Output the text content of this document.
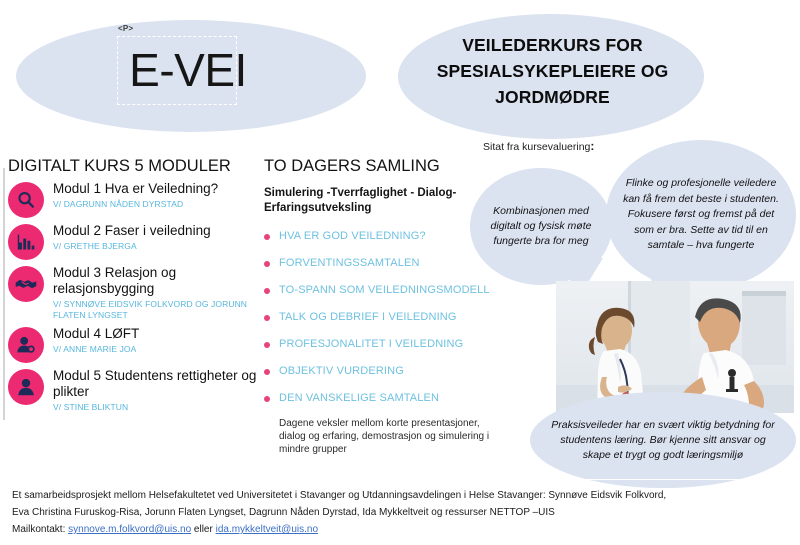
<P>
E-VEI	VEILEDERKURS FOR SPESIALSYKEPLEIERE OG JORDMØDRE
DIGITALT KURS 5 MODULER TO DAGERS SAMLING
Modul 1 Hva er Veiledning?
V/ DAGRUNN NÅDEN DYRSTAD
Modul 2 Faser i veiledning
V/ GRETHE BJERGA
Modul 3 Relasjon og relasjonsbygging
V/ SYNNØVE EIDSVIK FOLKVORD OG JORUNN FLATEN LYNGSET
Modul 4 LØFT
V/ ANNE MARIE JOA
Modul 5 Studentens rettigheter og plikter
V/ STINE BLIKTUN
Simulering -Tverrfaglighet - Dialog- Erfaringsutveksling
HVA ER GOD VEILEDNING?
FORVENTINGSSAMTALEN
TO-SPANN SOM VEILEDNINGSMODELL
TALK OG DEBRIEF I VEILEDNING
PROFESJONALITET I VEILEDNING
OBJEKTIV VURDERING
DEN VANSKELIGE SAMTALEN
Dagene veksler mellom korte presentasjoner, dialog og erfaring, demostrasjon og simulering i mindre grupper
Sitat fra kursevaluering:
Kombinasjonen med digitalt og fysisk møte fungerte bra for meg
Flinke og profesjonelle veiledere kan få frem det beste i studenten. Fokusere først og fremst på det som er bra. Sette av tid til en samtale – hva fungerte
Praksisveileder har en svært viktig betydning for studentens læring. Bør kjenne sitt ansvar og skape et trygt og godt læringsmiljø
Et samarbeidsprosjekt mellom Helsefakultetet ved Universitetet i Stavanger og Utdanningsavdelingen i Helse Stavanger: Synnøve Eidsvik Folkvord,
Eva Christina Furuskog-Risa, Jorunn Flaten Lyngset, Dagrunn Nåden Dyrstad, Ida Mykkeltveit og ressurser NETTOP –UIS
Mailkontakt: synnove.m.folkvord@uis.no eller ida.mykkeltveit@uis.no
